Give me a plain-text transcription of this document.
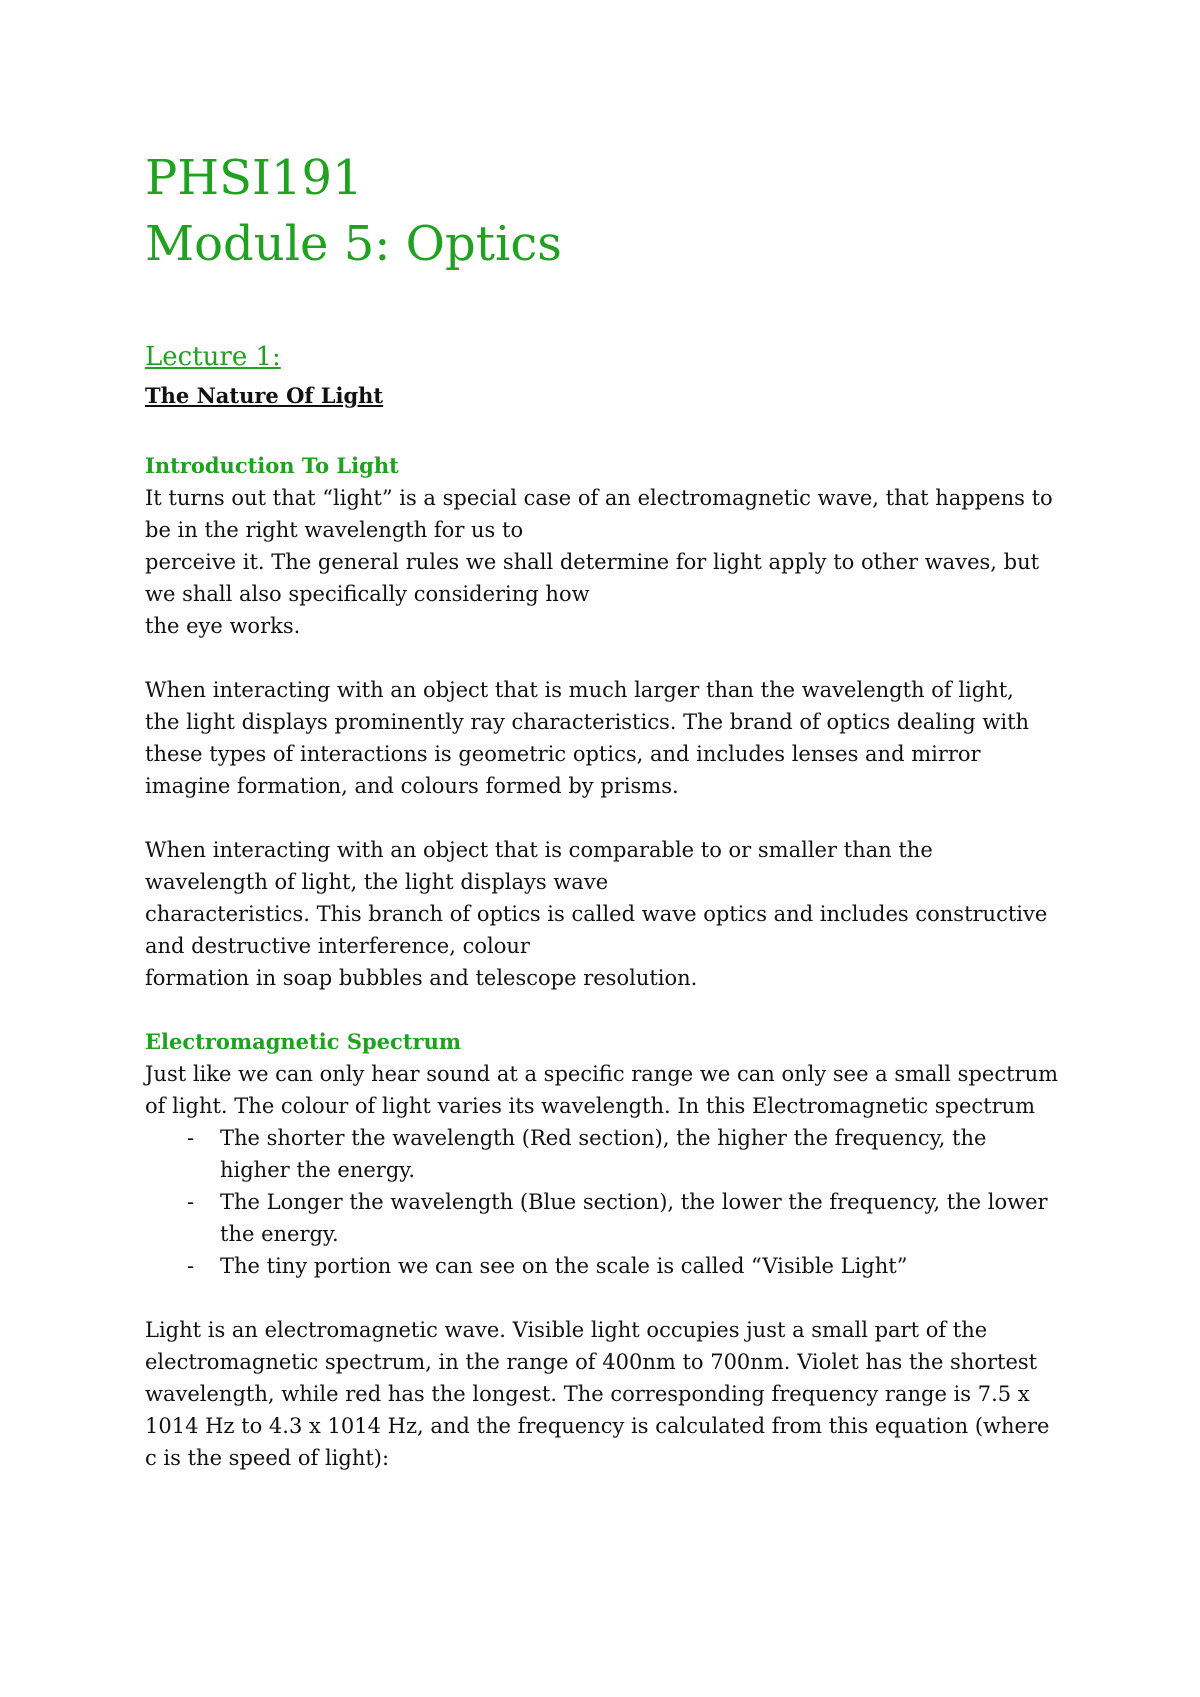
PHSI191
Module 5: Optics
Lecture 1:
The Nature Of Light

Introduction To Light

It turns out that “light” is a special case of an electromagnetic wave, that happens to

be in the right wavelength for us to

perceive it. The general rules we shall determine for light apply to other waves, but

we shall also specifically considering how

the eye works.

When interacting with an object that is much larger than the wavelength of light,

the light displays prominently ray characteristics. The brand of optics dealing with

these types of interactions is geometric optics, and includes lenses and mirror

imagine formation, and colours formed by prisms.

When interacting with an object that is comparable to or smaller than the

wavelength of light, the light displays wave

characteristics. This branch of optics is called wave optics and includes constructive

and destructive interference, colour

formation in soap bubbles and telescope resolution.

Electromagnetic Spectrum

Just like we can only hear sound at a specific range we can only see a small spectrum

of light. The colour of light varies its wavelength. In this Electromagnetic spectrum

- The shorter the wavelength (Red section), the higher the frequency, the
higher the energy.
- The Longer the wavelength (Blue section), the lower the frequency, the lower
the energy.
- The tiny portion we can see on the scale is called “Visible Light”

Light is an electromagnetic wave. Visible light occupies just a small part of the

electromagnetic spectrum, in the range of 400nm to 700nm. Violet has the shortest

wavelength, while red has the longest. The corresponding frequency range is 7.5 x

1014 Hz to 4.3 x 1014 Hz, and the frequency is calculated from this equation (where

c is the speed of light):
